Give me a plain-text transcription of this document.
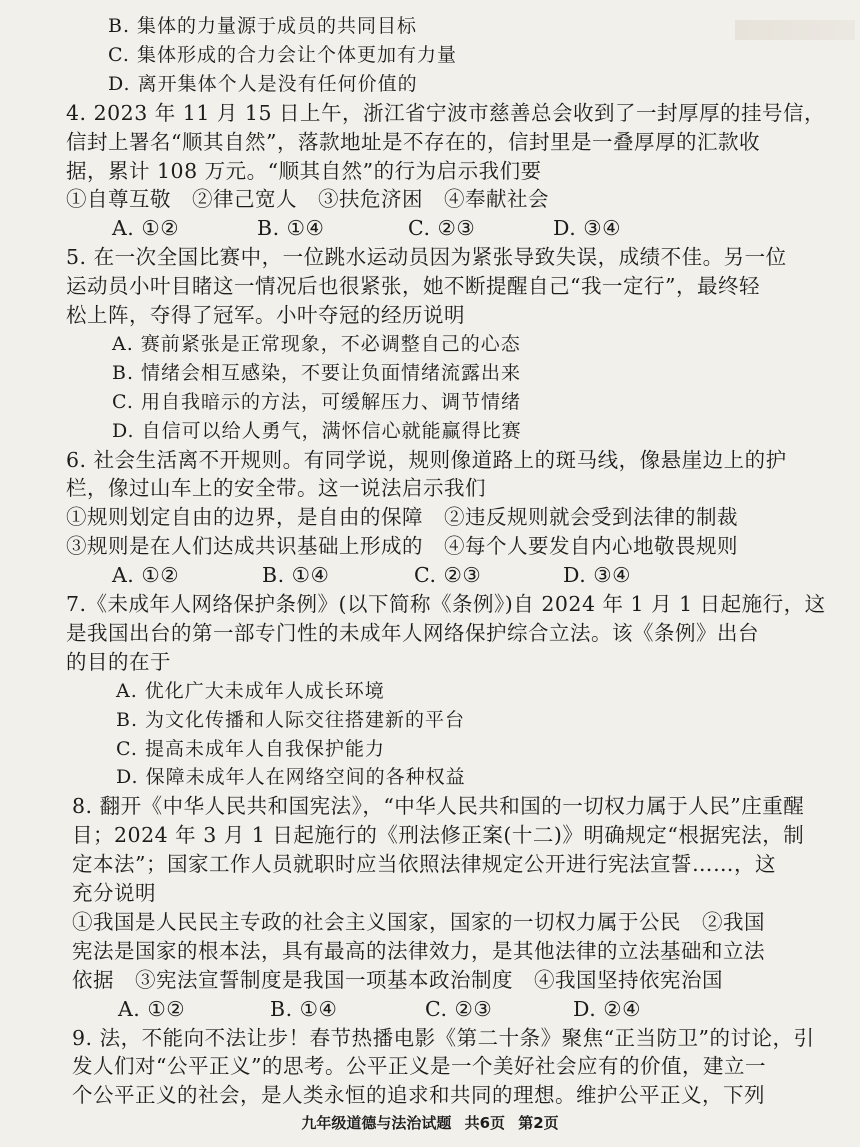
B. 集体的力量源于成员的共同目标
C. 集体形成的合力会让个体更加有力量
D. 离开集体个人是没有任何价值的
4. 2023 年 11 月 15 日上午，浙江省宁波市慈善总会收到了一封厚厚的挂号信，
信封上署名“顺其自然”，落款地址是不存在的，信封里是一叠厚厚的汇款收
据，累计 108 万元。“顺其自然”的行为启示我们要
①自尊互敬　②律己宽人　③扶危济困　④奉献社会
A. ①②	B. ①④	C. ②③	D. ③④
5. 在一次全国比赛中，一位跳水运动员因为紧张导致失误，成绩不佳。另一位
运动员小叶目睹这一情况后也很紧张，她不断提醒自己“我一定行”，最终轻
松上阵，夺得了冠军。小叶夺冠的经历说明
A. 赛前紧张是正常现象，不必调整自己的心态
B. 情绪会相互感染，不要让负面情绪流露出来
C. 用自我暗示的方法，可缓解压力、调节情绪
D. 自信可以给人勇气，满怀信心就能赢得比赛
6. 社会生活离不开规则。有同学说，规则像道路上的斑马线，像悬崖边上的护
栏，像过山车上的安全带。这一说法启示我们
①规则划定自由的边界，是自由的保障　②违反规则就会受到法律的制裁
③规则是在人们达成共识基础上形成的　④每个人要发自内心地敬畏规则
A. ①②	B. ①④	C. ②③	D. ③④
7.《未成年人网络保护条例》(以下简称《条例》)自 2024 年 1 月 1 日起施行，这
是我国出台的第一部专门性的未成年人网络保护综合立法。该《条例》出台
的目的在于
A. 优化广大未成年人成长环境
B. 为文化传播和人际交往搭建新的平台
C. 提高未成年人自我保护能力
D. 保障未成年人在网络空间的各种权益
8. 翻开《中华人民共和国宪法》，“中华人民共和国的一切权力属于人民”庄重醒
目；2024 年 3 月 1 日起施行的《刑法修正案(十二)》明确规定“根据宪法，制
定本法”；国家工作人员就职时应当依照法律规定公开进行宪法宣誓……，这
充分说明
①我国是人民民主专政的社会主义国家，国家的一切权力属于公民　②我国
宪法是国家的根本法，具有最高的法律效力，是其他法律的立法基础和立法
依据　③宪法宣誓制度是我国一项基本政治制度　④我国坚持依宪治国
A. ①②	B. ①④	C. ②③	D. ②④
9. 法，不能向不法让步！春节热播电影《第二十条》聚焦“正当防卫”的讨论，引
九年级道德与法治试题 共6页 第2页
发人们对“公平正义”的思考。公平正义是一个美好社会应有的价值，建立一
个公平正义的社会，是人类永恒的追求和共同的理想。维护公平正义，下列
